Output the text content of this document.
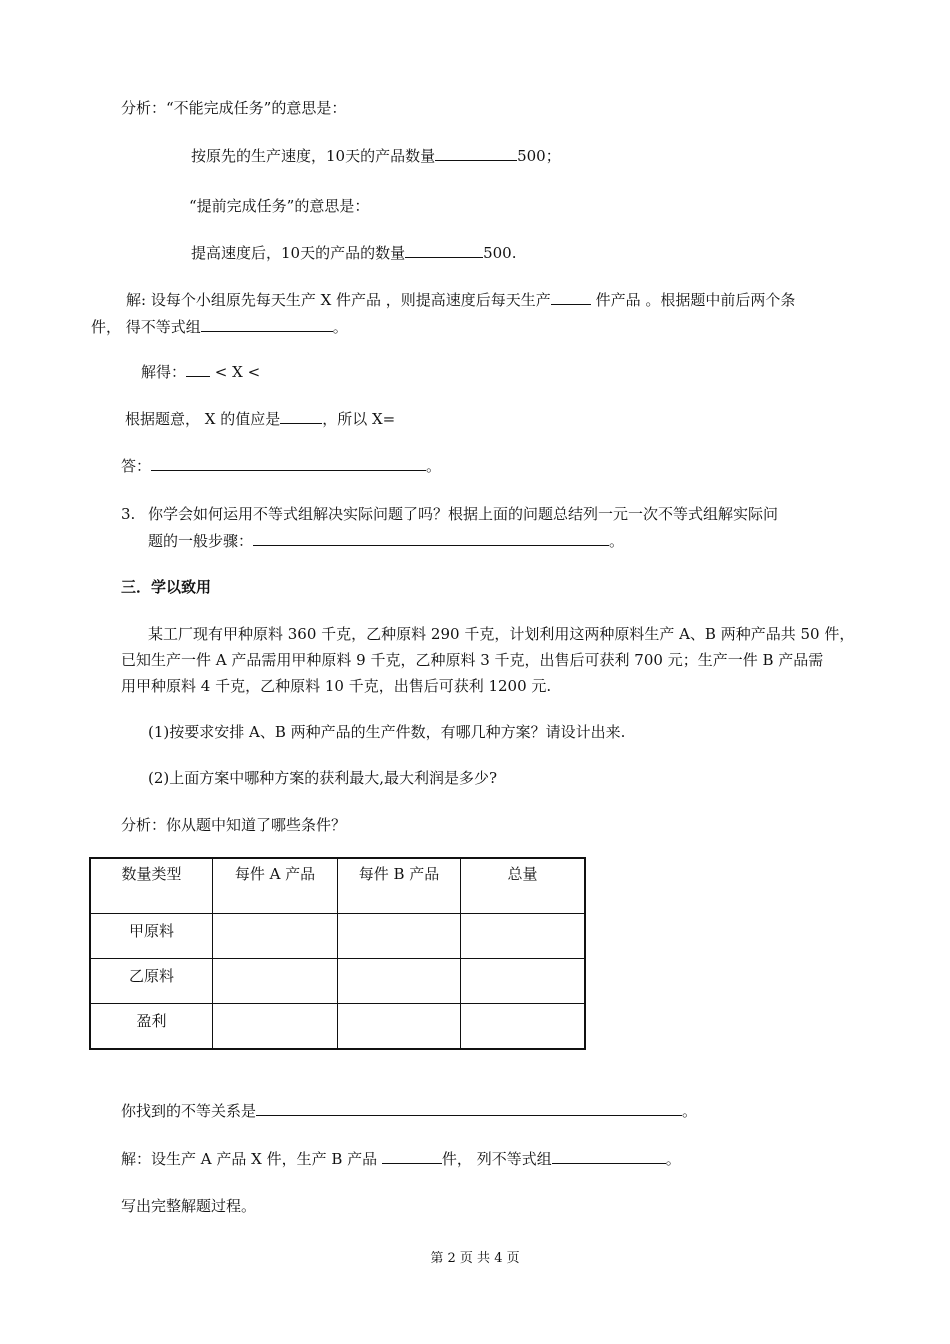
分析：“不能完成任务”的意思是：
按原先的生产速度，10天的产品数量	500；
“提前完成任务”的意思是：
提高速度后，10天的产品的数量	500.
解: 设每个小组原先每天生产 X 件产品 ，则提高速度后每天生产	件产品 。根据题中前后两个条
件， 得不等式组	。
解得： < X <
根据题意， X 的值应是	，所以 X=
答：	。
3. 你学会如何运用不等式组解决实际问题了吗？根据上面的问题总结列一元一次不等式组解实际问
题的一般步骤：	。
三．学以致用
某工厂现有甲种原料 360 千克，乙种原料 290 千克，计划利用这两种原料生产 A、B 两种产品共 50 件，
已知生产一件 A 产品需用甲种原料 9 千克，乙种原料 3 千克，出售后可获利 700 元；生产一件 B 产品需
用甲种原料 4 千克，乙种原料 10 千克，出售后可获利 1200 元.
(1)按要求安排 A、B 两种产品的生产件数，有哪几种方案？请设计出来.
(2)上面方案中哪种方案的获利最大,最大利润是多少?
分析：你从题中知道了哪些条件？
数量类型	每件 A 产品	每件 B 产品	总量
甲原料			
乙原料			
盈利			
你找到的不等关系是	。
解：设生产 A 产品 X 件，生产 B 产品	件， 列不等式组	。
写出完整解题过程。
第 2 页 共 4 页
